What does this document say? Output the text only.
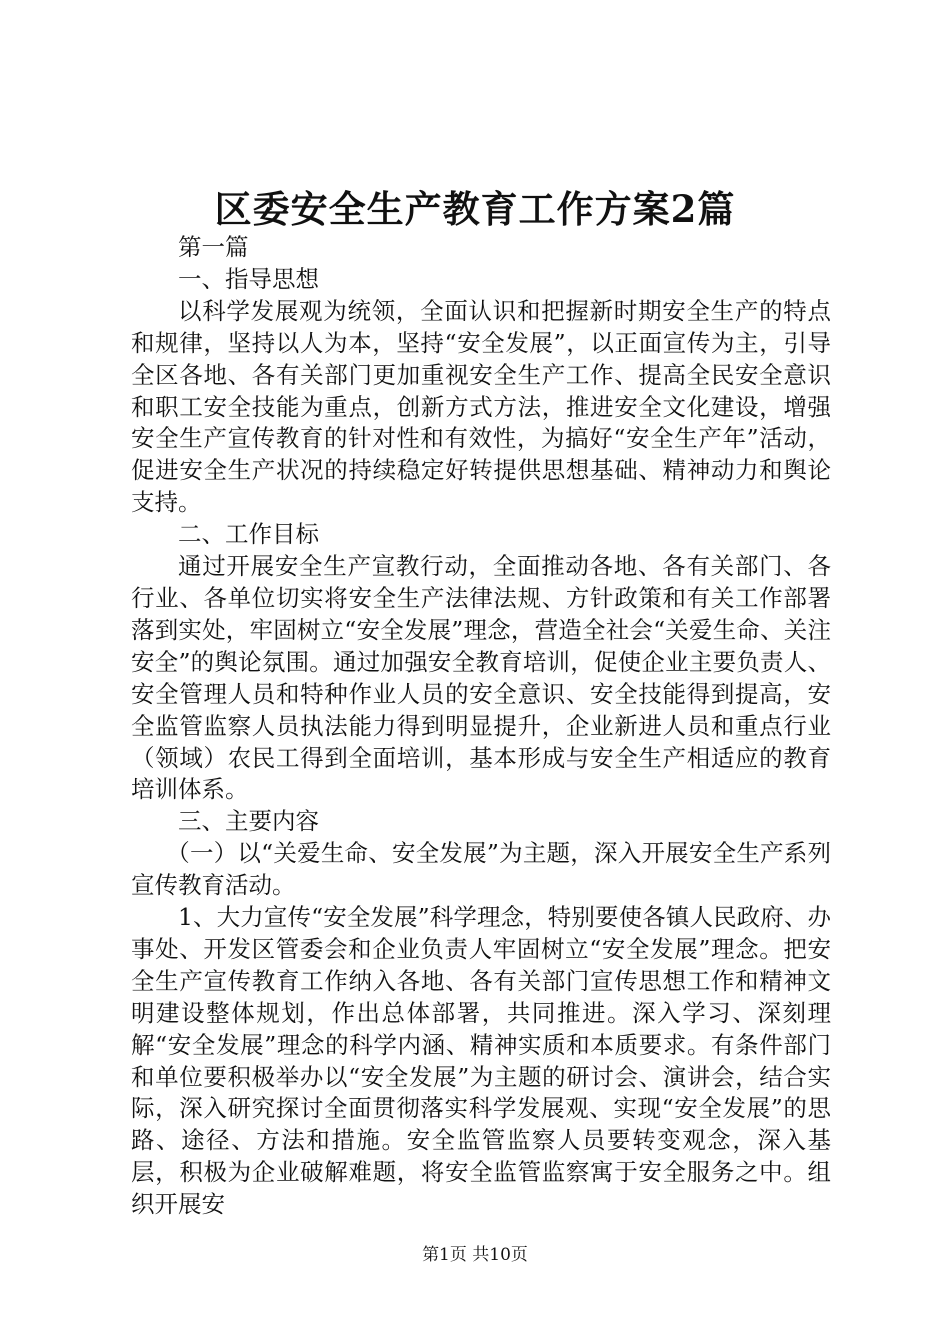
区委安全生产教育工作方案2篇

第一篇

一、指导思想

以科学发展观为统领，全面认识和把握新时期安全生产的特点和规律，坚持以人为本，坚持“安全发展”，以正面宣传为主，引导全区各地、各有关部门更加重视安全生产工作、提高全民安全意识和职工安全技能为重点，创新方式方法，推进安全文化建设，增强安全生产宣传教育的针对性和有效性，为搞好“安全生产年”活动，促进安全生产状况的持续稳定好转提供思想基础、精神动力和舆论支持。

二、工作目标

通过开展安全生产宣教行动，全面推动各地、各有关部门、各行业、各单位切实将安全生产法律法规、方针政策和有关工作部署落到实处，牢固树立“安全发展”理念，营造全社会“关爱生命、关注安全”的舆论氛围。通过加强安全教育培训，促使企业主要负责人、安全管理人员和特种作业人员的安全意识、安全技能得到提高，安全监管监察人员执法能力得到明显提升，企业新进人员和重点行业（领域）农民工得到全面培训，基本形成与安全生产相适应的教育培训体系。

三、主要内容

（一）以“关爱生命、安全发展”为主题，深入开展安全生产系列宣传教育活动。

1、大力宣传“安全发展”科学理念，特别要使各镇人民政府、办事处、开发区管委会和企业负责人牢固树立“安全发展”理念。把安全生产宣传教育工作纳入各地、各有关部门宣传思想工作和精神文明建设整体规划，作出总体部署，共同推进。深入学习、深刻理解“安全发展”理念的科学内涵、精神实质和本质要求。有条件部门和单位要积极举办以“安全发展”为主题的研讨会、演讲会，结合实际，深入研究探讨全面贯彻落实科学发展观、实现“安全发展”的思路、途径、方法和措施。安全监管监察人员要转变观念，深入基层，积极为企业破解难题，将安全监管监察寓于安全服务之中。组织开展安

第1页 共10页
